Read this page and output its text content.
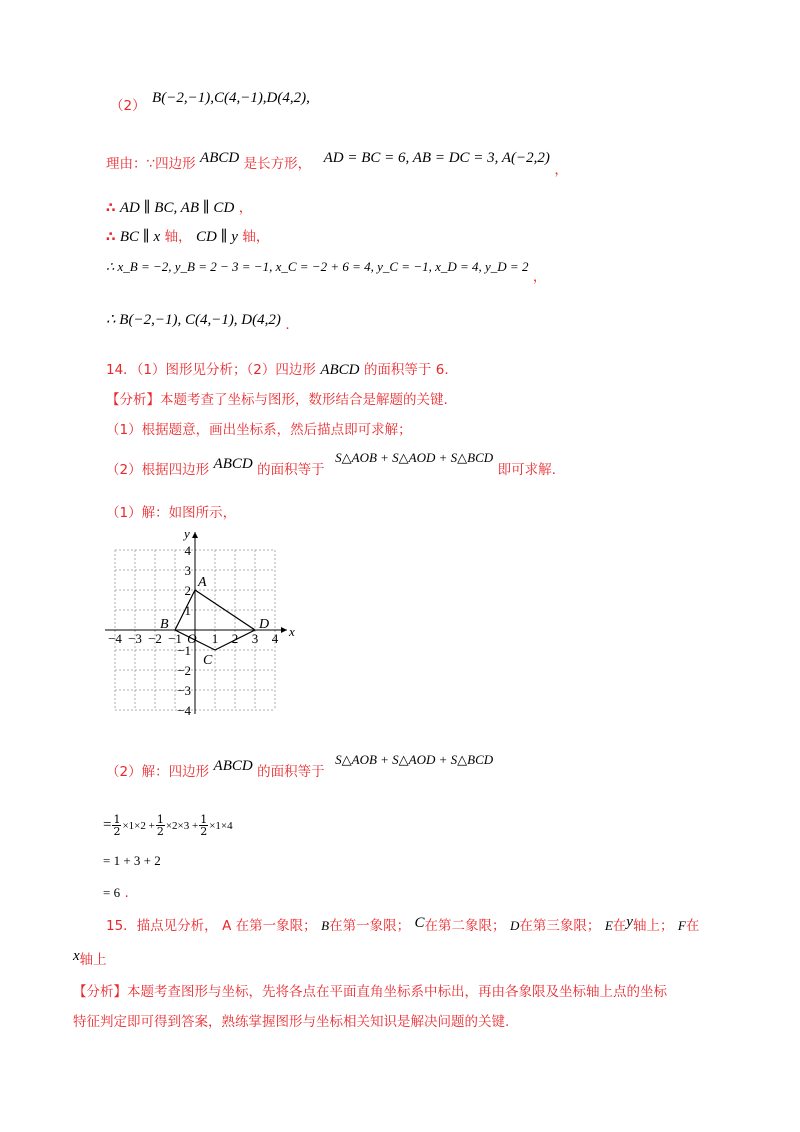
（2） B(−2,−1),C(4,−1),D(4,2),
理由：∵四边形 ABCD 是长方形， AD = BC = 6, AB = DC = 3, A(−2,2) ，
∴ AD ∥ BC, AB ∥ CD ，
∴ BC ∥ x 轴， CD ∥ y 轴，
∴ x_B = −2, y_B = 2 − 3 = −1, x_C = −2 + 6 = 4, y_C = −1, x_D = 4, y_D = 2 ，
∴ B(−2,−1), C(4,−1), D(4,2) .
14．（1）图形见分析；（2）四边形 ABCD 的面积等于 6.
【分析】本题考查了坐标与图形，数形结合是解题的关键.
（1）根据题意，画出坐标系，然后描点即可求解；
（2）根据四边形 ABCD 的面积等于 S△AOB + S△AOD + S△BCD 即可求解.
（1）解：如图所示，
−4 −3 −2 −1 O 1 2 3 4
4
3
2
1
−1
−2
−3
−4
x
y
A
B
C
D
（2）解：四边形 ABCD 的面积等于 S△AOB + S△AOD + S△BCD
= $\frac{1}{2} \times 1\times 2 + \frac{1}{2} \times 2\times 3 + \frac{1}{2} \times 1\times 4$
= 1 + 3 + 2
= 6 .
15．描点见分析， A 在第一象限； B在第一象限； C在第二象限； D在第三象限； E在y轴上； F在
x轴上
【分析】本题考查图形与坐标，先将各点在平面直角坐标系中标出，再由各象限及坐标轴上点的坐标
特征判定即可得到答案，熟练掌握图形与坐标相关知识是解决问题的关键.
